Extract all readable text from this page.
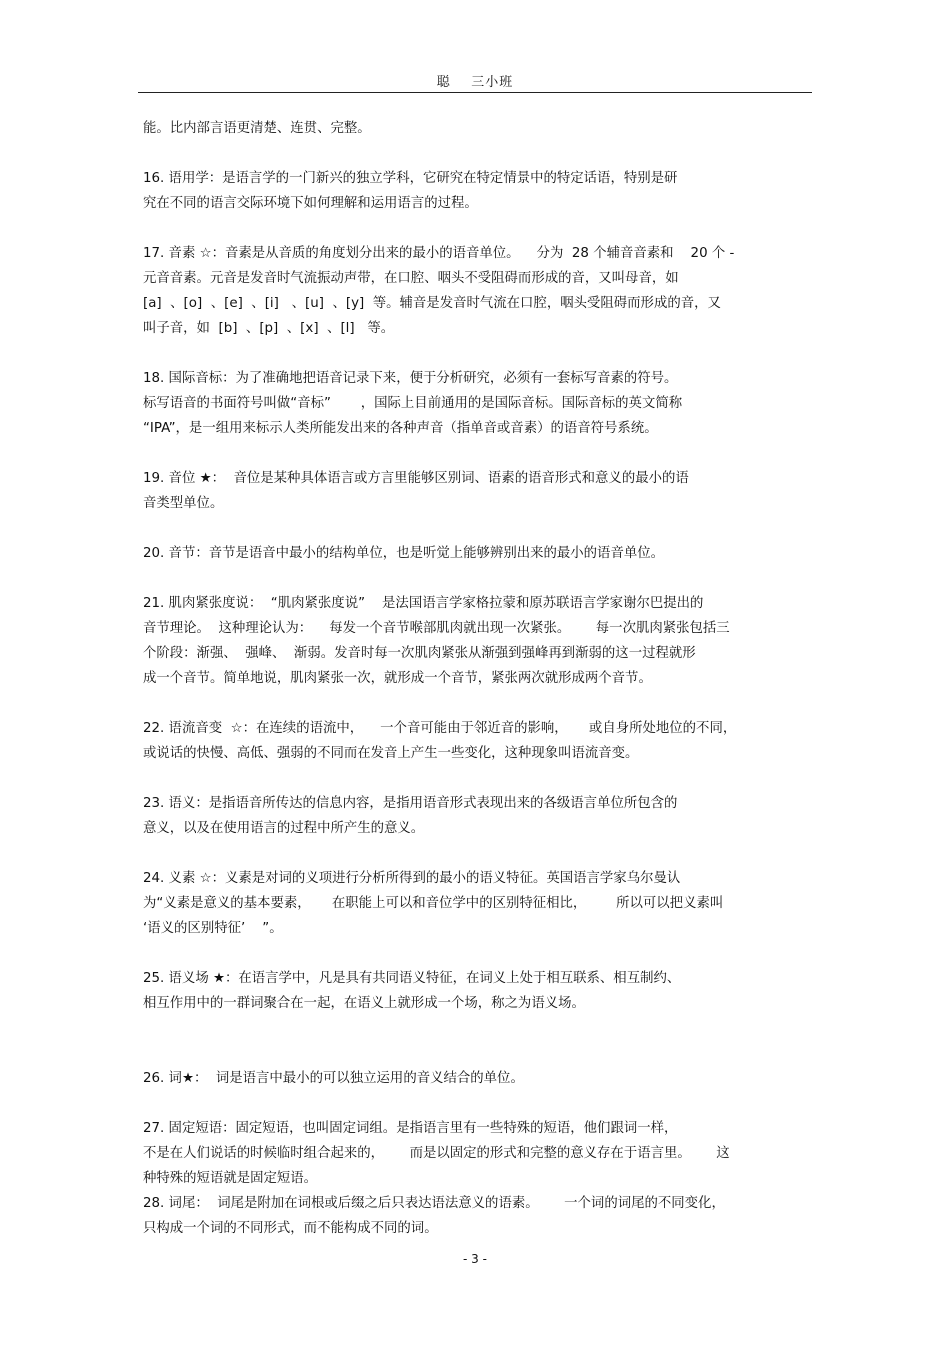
聪    三小班
能。比内部言语更清楚、连贯、完整。
16. 语用学：是语言学的一门新兴的独立学科，它研究在特定情景中的特定话语，特别是研
究在不同的语言交际环境下如何理解和运用语言的过程。
17. 音素 ☆：音素是从音质的角度划分出来的最小的语音单位。    分为  28 个辅音音素和    20 个 -
元音音素。元音是发音时气流振动声带，在口腔、咽头不受阻碍而形成的音，又叫母音，如
[a]  、[o]  、[e]  、[i]   、[u]  、[y]  等。辅音是发音时气流在口腔，咽头受阻碍而形成的音，又
叫子音，如  [b]  、[p]  、[x]  、[l]   等。
18. 国际音标：为了准确地把语音记录下来，便于分析研究，必须有一套标写音素的符号。
标写语音的书面符号叫做“音标”       ，国际上目前通用的是国际音标。国际音标的英文简称
“IPA”，是一组用来标示人类所能发出来的各种声音（指单音或音素）的语音符号系统。
19. 音位 ★：  音位是某种具体语言或方言里能够区别词、语素的语音形式和意义的最小的语
音类型单位。
20. 音节：音节是语音中最小的结构单位，也是听觉上能够辨别出来的最小的语音单位。
21. 肌肉紧张度说：  “肌肉紧张度说”    是法国语言学家格拉蒙和原苏联语言学家谢尔巴提出的
音节理论。  这种理论认为：    每发一个音节喉部肌肉就出现一次紧张。      每一次肌肉紧张包括三
个阶段：渐强、  强峰、  渐弱。发音时每一次肌肉紧张从渐强到强峰再到渐弱的这一过程就形
成一个音节。简单地说，肌肉紧张一次，就形成一个音节，紧张两次就形成两个音节。
22. 语流音变  ☆：在连续的语流中，    一个音可能由于邻近音的影响，     或自身所处地位的不同，
或说话的快慢、高低、强弱的不同而在发音上产生一些变化，这种现象叫语流音变。
23. 语义：是指语音所传达的信息内容，是指用语音形式表现出来的各级语言单位所包含的
意义，以及在使用语言的过程中所产生的意义。
24. 义素 ☆：义素是对词的义项进行分析所得到的最小的语义特征。英国语言学家乌尔曼认
为“义素是意义的基本要素，     在职能上可以和音位学中的区别特征相比，       所以可以把义素叫
‘语义的区别特征’    ”。
25. 语义场 ★：在语言学中，凡是具有共同语义特征，在词义上处于相互联系、相互制约、
相互作用中的一群词聚合在一起，在语义上就形成一个场，称之为语义场。
26. 词★：  词是语言中最小的可以独立运用的音义结合的单位。
27. 固定短语：固定短语，也叫固定词组。是指语言里有一些特殊的短语，他们跟词一样，
不是在人们说话的时候临时组合起来的，      而是以固定的形式和完整的意义存在于语言里。      这
种特殊的短语就是固定短语。
28. 词尾：  词尾是附加在词根或后缀之后只表达语法意义的语素。      一个词的词尾的不同变化，
只构成一个词的不同形式，而不能构成不同的词。
- 3 -
